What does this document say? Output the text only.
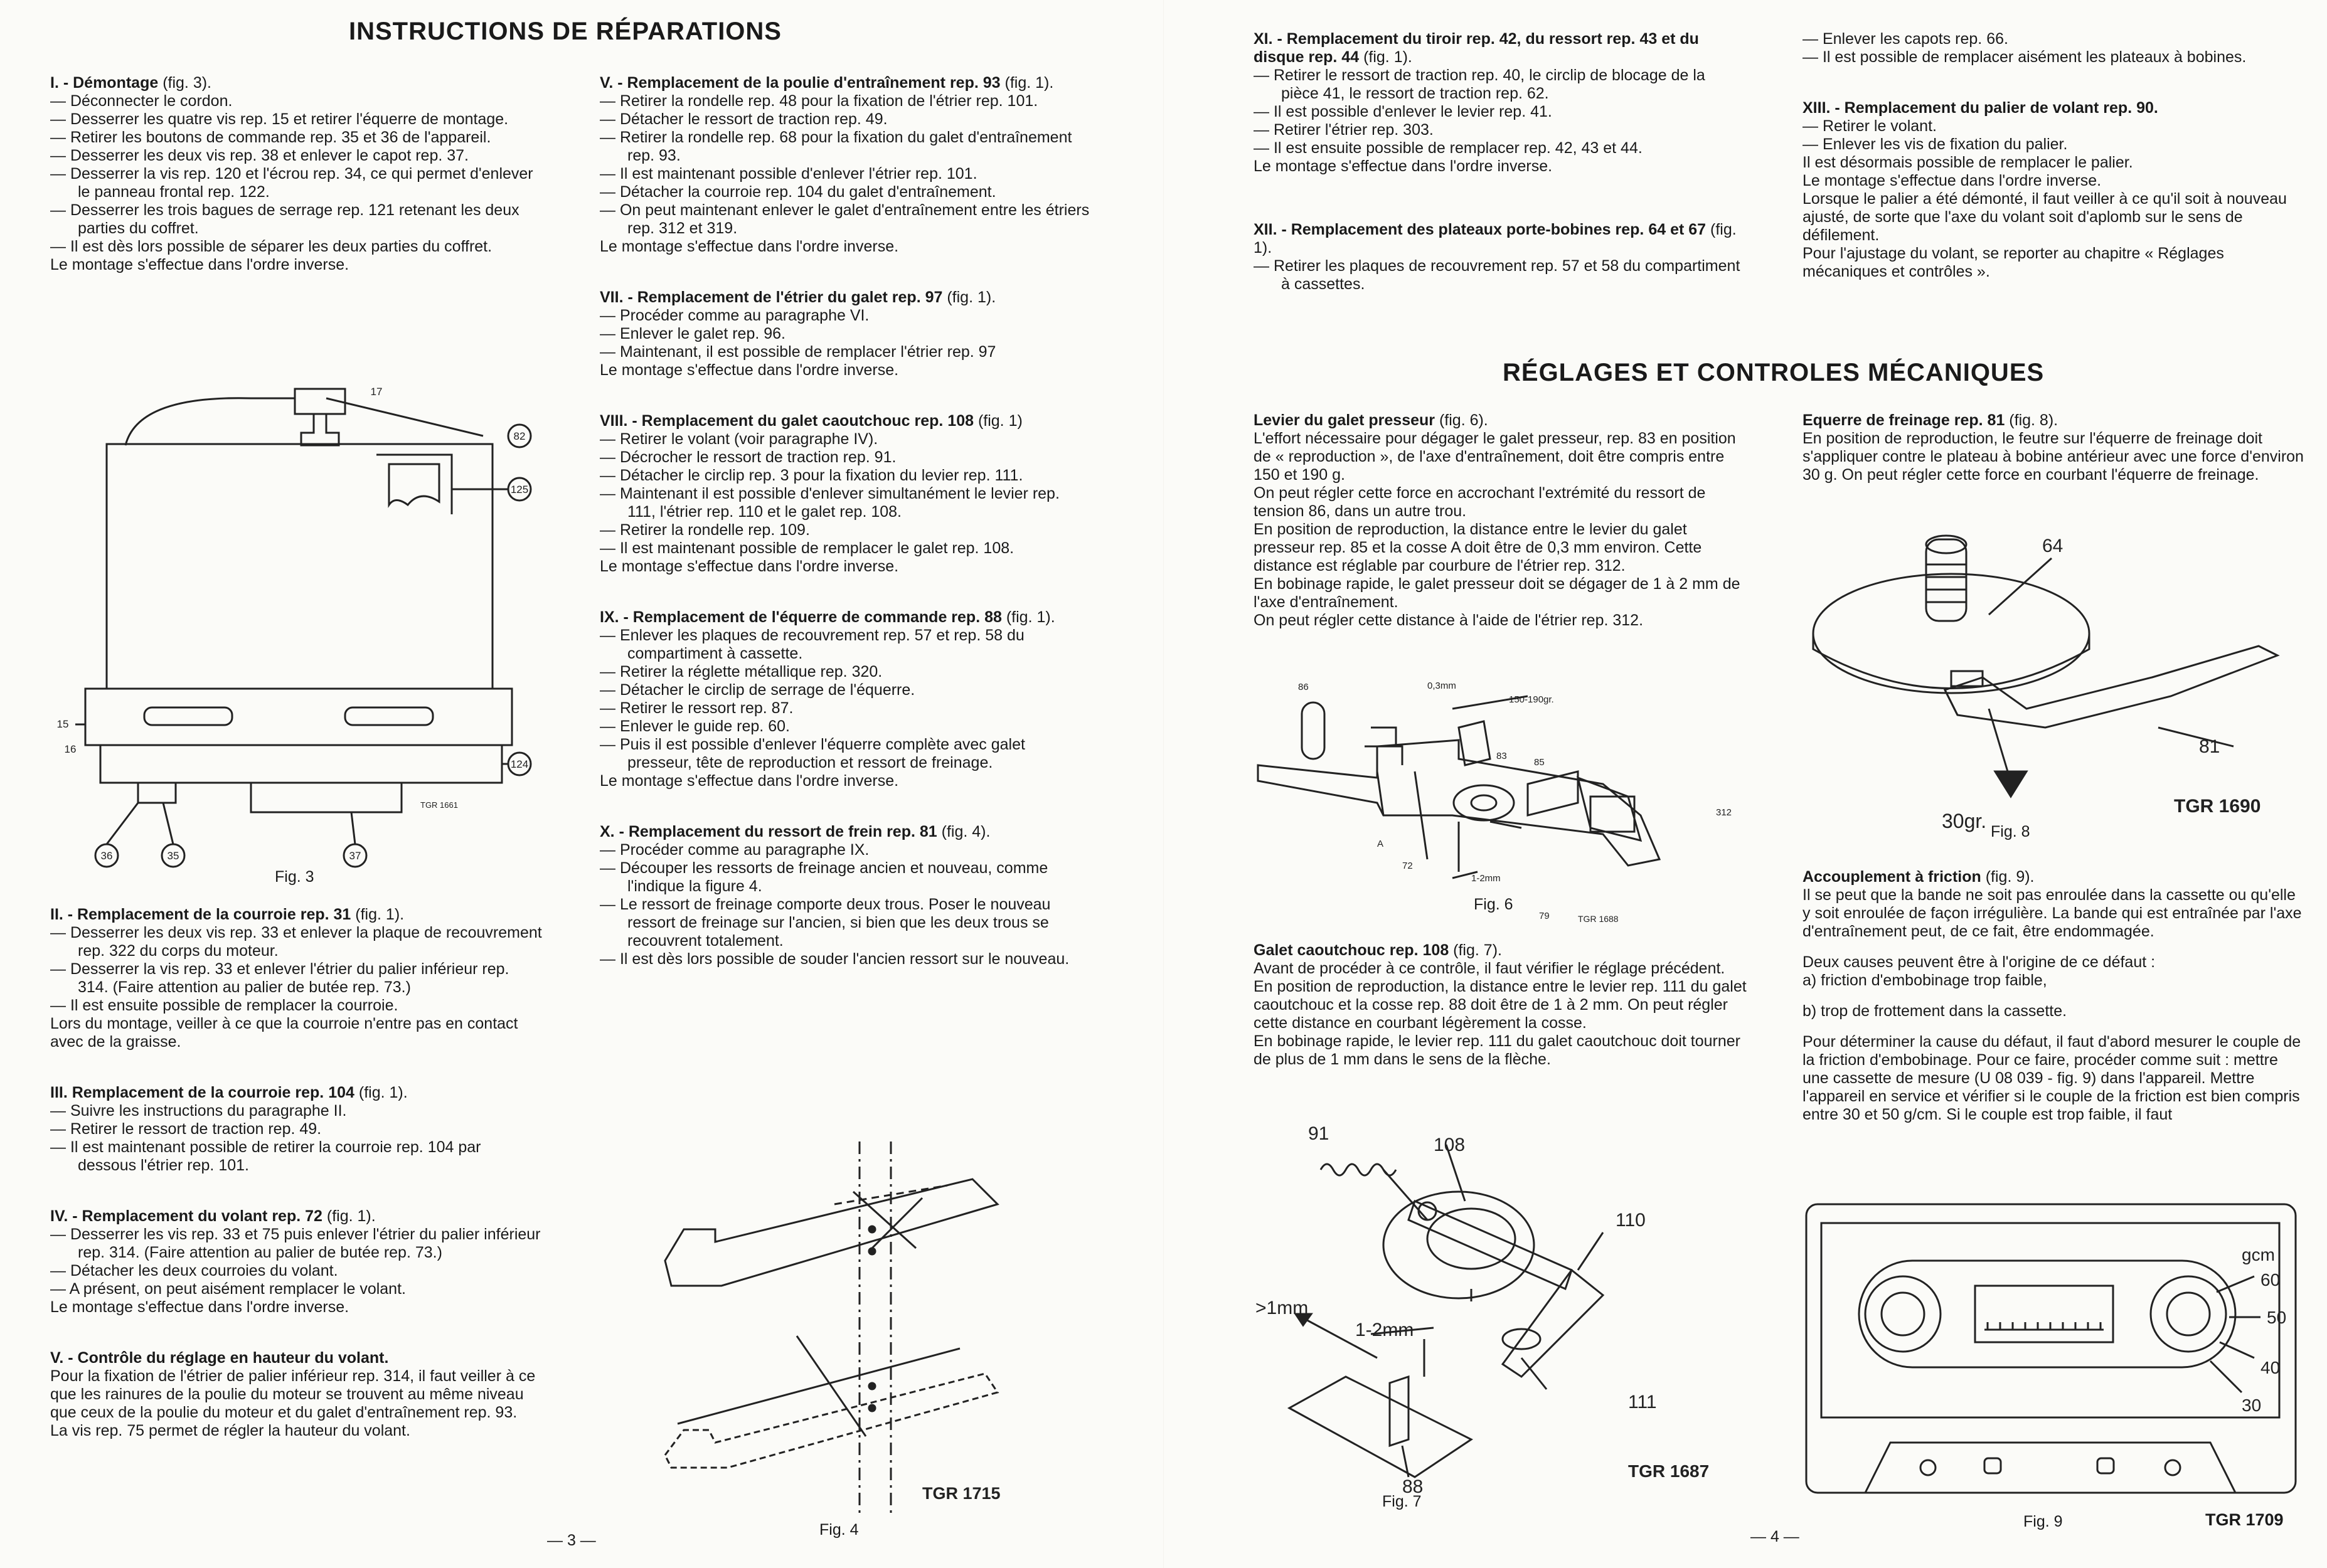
INSTRUCTIONS DE RÉPARATIONS

I. - Démontage (fig. 3).

— Déconnecter le cordon.

— Desserrer les quatre vis rep. 15 et retirer l'équerre de montage.

— Retirer les boutons de commande rep. 35 et 36 de l'appareil.

— Desserrer les deux vis rep. 38 et enlever le capot rep. 37.

— Desserrer la vis rep. 120 et l'écrou rep. 34, ce qui permet d'enlever le panneau frontal rep. 122.

— Desserrer les trois bagues de serrage rep. 121 retenant les deux parties du coffret.

— Il est dès lors possible de séparer les deux parties du coffret.

Le montage s'effectue dans l'ordre inverse.

17
82
125
15
16
124
36	35	37
TGR 1661
Fig. 3

II. - Remplacement de la courroie rep. 31 (fig. 1).

— Desserrer les deux vis rep. 33 et enlever la plaque de recouvrement rep. 322 du corps du moteur.

— Desserrer la vis rep. 33 et enlever l'étrier du palier inférieur rep. 314. (Faire attention au palier de butée rep. 73.)

— Il est ensuite possible de remplacer la courroie.

Lors du montage, veiller à ce que la courroie n'entre pas en contact avec de la graisse.

III. Remplacement de la courroie rep. 104 (fig. 1).

— Suivre les instructions du paragraphe II.

— Retirer le ressort de traction rep. 49.

— Il est maintenant possible de retirer la courroie rep. 104 par dessous l'étrier rep. 101.

IV. - Remplacement du volant rep. 72 (fig. 1).

— Desserrer les vis rep. 33 et 75 puis enlever l'étrier du palier inférieur rep. 314. (Faire attention au palier de butée rep. 73.)

— Détacher les deux courroies du volant.

— A présent, on peut aisément remplacer le volant.

Le montage s'effectue dans l'ordre inverse.

V. - Contrôle du réglage en hauteur du volant.

Pour la fixation de l'étrier de palier inférieur rep. 314, il faut veiller à ce que les rainures de la poulie du moteur se trouvent au même niveau que ceux de la poulie du moteur et du galet d'entraînement rep. 93.

La vis rep. 75 permet de régler la hauteur du volant.

V. - Remplacement de la poulie d'entraînement rep. 93 (fig. 1).

— Retirer la rondelle rep. 48 pour la fixation de l'étrier rep. 101.

— Détacher le ressort de traction rep. 49.

— Retirer la rondelle rep. 68 pour la fixation du galet d'entraînement rep. 93.

— Il est maintenant possible d'enlever l'étrier rep. 101.

— Détacher la courroie rep. 104 du galet d'entraînement.

— On peut maintenant enlever le galet d'entraînement entre les étriers rep. 312 et 319.

Le montage s'effectue dans l'ordre inverse.

VII. - Remplacement de l'étrier du galet rep. 97 (fig. 1).

— Procéder comme au paragraphe VI.

— Enlever le galet rep. 96.

— Maintenant, il est possible de remplacer l'étrier rep. 97

Le montage s'effectue dans l'ordre inverse.

VIII. - Remplacement du galet caoutchouc rep. 108 (fig. 1)

— Retirer le volant (voir paragraphe IV).

— Décrocher le ressort de traction rep. 91.

— Détacher le circlip rep. 3 pour la fixation du levier rep. 111.

— Maintenant il est possible d'enlever simultanément le levier rep. 111, l'étrier rep. 110 et le galet rep. 108.

— Retirer la rondelle rep. 109.

— Il est maintenant possible de remplacer le galet rep. 108.

Le montage s'effectue dans l'ordre inverse.

IX. - Remplacement de l'équerre de commande rep. 88 (fig. 1).

— Enlever les plaques de recouvrement rep. 57 et rep. 58 du compartiment à cassette.

— Retirer la réglette métallique rep. 320.

— Détacher le circlip de serrage de l'équerre.

— Retirer le ressort rep. 87.

— Enlever le guide rep. 60.

— Puis il est possible d'enlever l'équerre complète avec galet presseur, tête de reproduction et ressort de freinage.

Le montage s'effectue dans l'ordre inverse.

X. - Remplacement du ressort de frein rep. 81 (fig. 4).

— Procéder comme au paragraphe IX.

— Découper les ressorts de freinage ancien et nouveau, comme l'indique la figure 4.

— Le ressort de freinage comporte deux trous. Poser le nouveau ressort de freinage sur l'ancien, si bien que les deux trous se recouvrent totalement.

— Il est dès lors possible de souder l'ancien ressort sur le nouveau.

TGR 1715
Fig. 4
— 3 —

XI. - Remplacement du tiroir rep. 42, du ressort rep. 43 et du disque rep. 44 (fig. 1).

— Retirer le ressort de traction rep. 40, le circlip de blocage de la pièce 41, le ressort de traction rep. 62.

— Il est possible d'enlever le levier rep. 41.

— Retirer l'étrier rep. 303.

— Il est ensuite possible de remplacer rep. 42, 43 et 44.

Le montage s'effectue dans l'ordre inverse.

XII. - Remplacement des plateaux porte-bobines rep. 64 et 67 (fig. 1).

— Retirer les plaques de recouvrement rep. 57 et 58 du compartiment à cassettes.

— Enlever les capots rep. 66.

— Il est possible de remplacer aisément les plateaux à bobines.

XIII. - Remplacement du palier de volant rep. 90.

— Retirer le volant.

— Enlever les vis de fixation du palier.

Il est désormais possible de remplacer le palier.

Le montage s'effectue dans l'ordre inverse.

Lorsque le palier a été démonté, il faut veiller à ce qu'il soit à nouveau ajusté, de sorte que l'axe du volant soit d'aplomb sur le sens de défilement.

Pour l'ajustage du volant, se reporter au chapitre « Réglages mécaniques et contrôles ».

RÉGLAGES ET CONTROLES MÉCANIQUES

Levier du galet presseur (fig. 6).

L'effort nécessaire pour dégager le galet presseur, rep. 83 en position de « reproduction », de l'axe d'entraînement, doit être compris entre 150 et 190 g.

On peut régler cette force en accrochant l'extrémité du ressort de tension 86, dans un autre trou.

En position de reproduction, la distance entre le levier du galet presseur rep. 85 et la cosse A doit être de 0,3 mm environ. Cette distance est réglable par courbure de l'étrier rep. 312.

En bobinage rapide, le galet presseur doit se dégager de 1 à 2 mm de l'axe d'entraînement.

On peut régler cette distance à l'aide de l'étrier rep. 312.

86	0,3mm
150-190gr.
83
85
312
A
72
1-2mm
79	TGR 1688
Fig. 6

Galet caoutchouc rep. 108 (fig. 7).

Avant de procéder à ce contrôle, il faut vérifier le réglage précédent.

En position de reproduction, la distance entre le levier rep. 111 du galet caoutchouc et la cosse rep. 88 doit être de 1 à 2 mm. On peut régler cette distance en courbant légèrement la cosse.

En bobinage rapide, le levier rep. 111 du galet caoutchouc doit tourner de plus de 1 mm dans le sens de la flèche.

91
108
110
>1mm
1-2mm
111
88
TGR 1687
Fig. 7

Equerre de freinage rep. 81 (fig. 8).

En position de reproduction, le feutre sur l'équerre de freinage doit s'appliquer contre le plateau à bobine antérieur avec une force d'environ 30 g. On peut régler cette force en courbant l'équerre de freinage.

64
81
30gr.
TGR 1690
Fig. 8

Accouplement à friction (fig. 9).

Il se peut que la bande ne soit pas enroulée dans la cassette ou qu'elle y soit enroulée de façon irrégulière. La bande qui est entraînée par l'axe d'entraînement peut, de ce fait, être endommagée.

Deux causes peuvent être à l'origine de ce défaut :

a) friction d'embobinage trop faible,

b) trop de frottement dans la cassette.

Pour déterminer la cause du défaut, il faut d'abord mesurer le couple de la friction d'embobinage. Pour ce faire, procéder comme suit : mettre une cassette de mesure (U 08 039 - fig. 9) dans l'appareil. Mettre l'appareil en service et vérifier si le couple de la friction est bien compris entre 30 et 50 g/cm. Si le couple est trop faible, il faut

gcm
60
50
40
30
Fig. 9	TGR 1709
— 4 —
